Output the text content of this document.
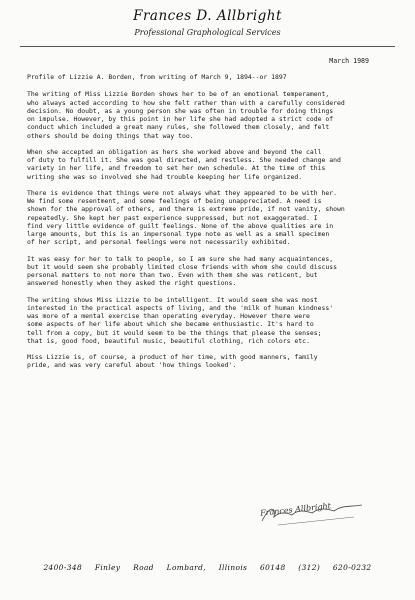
Frances D. Allbright
Professional Graphological Services
March 1989

Profile of Lizzie A. Borden, from writing of March 9, 1894--or 1897

The writing of Miss Lizzie Borden shows her to be of an emotional temperament,
who always acted according to how she felt rather than with a carefully considered
decision. No doubt, as a young person she was often in trouble for doing things
on impulse. However, by this point in her life she had adopted a strict code of
conduct which included a great many rules, she followed them closely, and felt
others should be doing things that way too.

When she accepted an obligation as hers she worked above and beyond the call
of duty to fulfill it. She was goal directed, and restless. She needed change and
variety in her life, and freedom to set her own schedule. At the time of this
writing she was so involved she had trouble keeping her life organized.

There is evidence that things were not always what they appeared to be with her.
We find some resentment, and some feelings of being unappreciated. A need is
shown for the approval of others, and there is extreme pride, if not vanity, shown
repeatedly. She kept her past experience suppressed, but not exaggerated. I
find very little evidence of guilt feelings. None of the above qualities are in
large amounts, but this is an impersonal type note as well as a small specimen
of her script, and personal feelings were not necessarily exhibited.

It was easy for her to talk to people, so I am sure she had many acquaintences,
but it would seem she probably limited close friends with whom she could discuss
personal matters to not more than two. Even with them she was reticent, but
answered honestly when they asked the right questions.

The writing shows Miss Lizzie to be intelligent. It would seem she was most
interested in the practical aspects of living, and the 'milk of human kindness'
was more of a mental exercise than operating everyday. However there were
some aspects of her life about which she became enthusiastic. It's hard to
tell from a copy, but it would seem to be the things that please the senses;
that is, good food, beautiful music, beautiful clothing, rich colors etc.

Miss Lizzie is, of course, a product of her time, with good manners, family
pride, and was very careful about 'how things looked'.

Frances Allbright
2400-348 Finley Road Lombard, Illinois 60148 (312) 620-0232
